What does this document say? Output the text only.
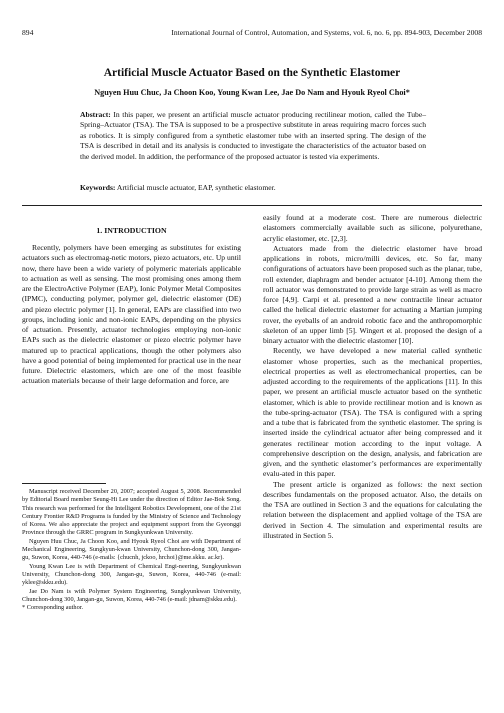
894	International Journal of Control, Automation, and Systems, vol. 6, no. 6, pp. 894-903, December 2008
Artificial Muscle Actuator Based on the Synthetic Elastomer
Nguyen Huu Chuc, Ja Choon Koo, Young Kwan Lee, Jae Do Nam and Hyouk Ryeol Choi*
Abstract: In this paper, we present an artificial muscle actuator producing rectilinear motion, called the Tube–Spring–Actuator (TSA). The TSA is supposed to be a prospective substitute in areas requiring macro forces such as robotics. It is simply configured from a synthetic elastomer tube with an inserted spring. The design of the TSA is described in detail and its analysis is conducted to investigate the characteristics of the actuator based on the derived model. In addition, the performance of the proposed actuator is tested via experiments.
Keywords: Artificial muscle actuator, EAP, synthetic elastomer.
1. INTRODUCTION

Recently, polymers have been emerging as substitutes for existing actuators such as electromag-netic motors, piezo actuators, etc. Up until now, there have been a wide variety of polymeric materials applicable to actuation as well as sensing. The most promising ones among them are the ElectroActive Polymer (EAP), Ionic Polymer Metal Composites (IPMC), conducting polymer, polymer gel, dielectric elastomer (DE) and piezo electric polymer [1]. In general, EAPs are classified into two groups, including ionic and non-ionic EAPs, depending on the physics of actuation. Presently, actuator technologies employing non-ionic EAPs such as the dielectric elastomer or piezo electric polymer have matured up to practical applications, though the other polymers also have a good potential of being implemented for practical use in the near future. Dielectric elastomers, which are one of the most feasible actuation materials because of their large deformation and force, are

Manuscript received December 20, 2007; accepted August 5, 2008. Recommended by Editorial Board member Seung-Hi Lee under the direction of Editor Jae-Bok Song. This research was performed for the Intelligent Robotics Development, one of the 21st Century Frontier R&D Programs is funded by the Ministry of Science and Technology of Korea. We also appreciate the project and equipment support from the Gyeonggi Province through the GRRC program in Sungkyunkwan University.

Nguyen Huu Chuc, Ja Choon Koo, and Hyouk Ryeol Choi are with Department of Mechanical Engineering, Sungkyun-kwan University, Chunchon-dong 300, Jangan-gu, Suwon, Korea, 440-746 (e-mails: {chucnh, jckoo, hrchoi}@me.skku. ac.kr).

Young Kwan Lee is with Department of Chemical Engi-neering, Sungkyunkwan University, Chunchon-dong 300, Jangan-gu, Suwon, Korea, 440-746 (e-mail: yklee@skku.edu).

Jae Do Nam is with Polymer System Engineering, Sungkyunkwan University, Chunchon-dong 300, Jangan-gu, Suwon, Korea, 440-746 (e-mail: jdnam@skku.edu).

* Corresponding author.

easily found at a moderate cost. There are numerous dielectric elastomers commercially available such as silicone, polyurethane, acrylic elastomer, etc. [2,3].

Actuators made from the dielectric elastomer have broad applications in robots, micro/milli devices, etc. So far, many configurations of actuators have been proposed such as the planar, tube, roll extender, diaphragm and bender actuator [4-10]. Among them the roll actuator was demonstrated to provide large strain as well as macro force [4,9]. Carpi et al. presented a new contractile linear actuator called the helical dielectric elastomer for actuating a Martian jumping rover, the eyeballs of an android robotic face and the anthropomorphic skeleton of an upper limb [5]. Wingert et al. proposed the design of a binary actuator with the dielectric elastomer [10].

Recently, we have developed a new material called synthetic elastomer whose properties, such as the mechanical properties, electrical properties as well as electromechanical properties, can be adjusted according to the requirements of the applications [11]. In this paper, we present an artificial muscle actuator based on the synthetic elastomer, which is able to provide rectilinear motion and is known as the tube-spring-actuator (TSA). The TSA is configured with a spring and a tube that is fabricated from the synthetic elastomer. The spring is inserted inside the cylindrical actuator after being compressed and it generates rectilinear motion according to the input voltage. A comprehensive description on the design, analysis, and fabrication are given, and the synthetic elastomer’s performances are experimentally evalu-ated in this paper.

The present article is organized as follows: the next section describes fundamentals on the proposed actuator. Also, the details on the TSA are outlined in Section 3 and the equations for calculating the relation between the displacement and applied voltage of the TSA are derived in Section 4. The simulation and experimental results are illustrated in Section 5.
